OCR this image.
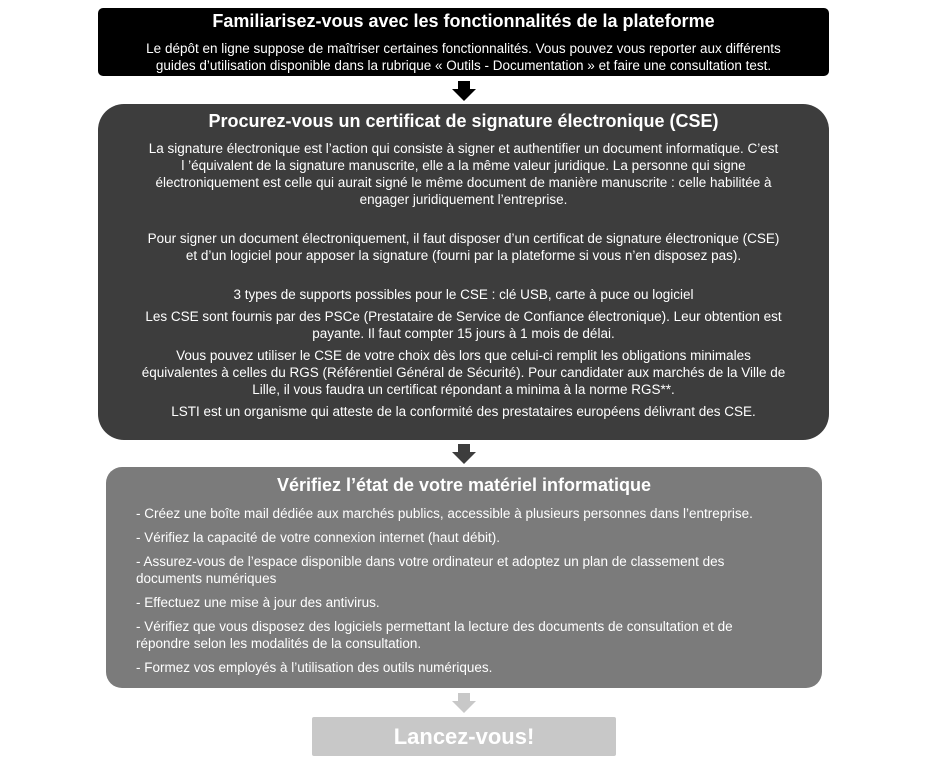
Familiarisez-vous avec les fonctionnalités de la plateforme

Le dépôt en ligne suppose de maîtriser certaines fonctionnalités. Vous pouvez vous reporter aux différents

guides d’utilisation disponible dans la rubrique « Outils - Documentation » et faire une consultation test.

Procurez-vous un certificat de signature électronique (CSE)

La signature électronique est l’action qui consiste à signer et authentifier un document informatique. C’est

l ’équivalent de la signature manuscrite, elle a la même valeur juridique. La personne qui signe

électroniquement est celle qui aurait signé le même document de manière manuscrite : celle habilitée à

engager juridiquement l’entreprise.

Pour signer un document électroniquement, il faut disposer d’un certificat de signature électronique (CSE)

et d’un logiciel pour apposer la signature (fourni par la plateforme si vous n’en disposez pas).

3 types de supports possibles pour le CSE : clé USB, carte à puce ou logiciel

Les CSE sont fournis par des PSCe (Prestataire de Service de Confiance électronique). Leur obtention est

payante. Il faut compter 15 jours à 1 mois de délai.

Vous pouvez utiliser le CSE de votre choix dès lors que celui-ci remplit les obligations minimales

équivalentes à celles du RGS (Référentiel Général de Sécurité). Pour candidater aux marchés de la Ville de

Lille, il vous faudra un certificat répondant a minima à la norme RGS**.

LSTI est un organisme qui atteste de la conformité des prestataires européens délivrant des CSE.

Vérifiez l’état de votre matériel informatique

- Créez une boîte mail dédiée aux marchés publics, accessible à plusieurs personnes dans l’entreprise.

- Vérifiez la capacité de votre connexion internet (haut débit).

- Assurez-vous de l’espace disponible dans votre ordinateur et adoptez un plan de classement des
documents numériques

- Effectuez une mise à jour des antivirus.

- Vérifiez que vous disposez des logiciels permettant la lecture des documents de consultation et de
répondre selon les modalités de la consultation.

- Formez vos employés à l’utilisation des outils numériques.

Lancez-vous!
